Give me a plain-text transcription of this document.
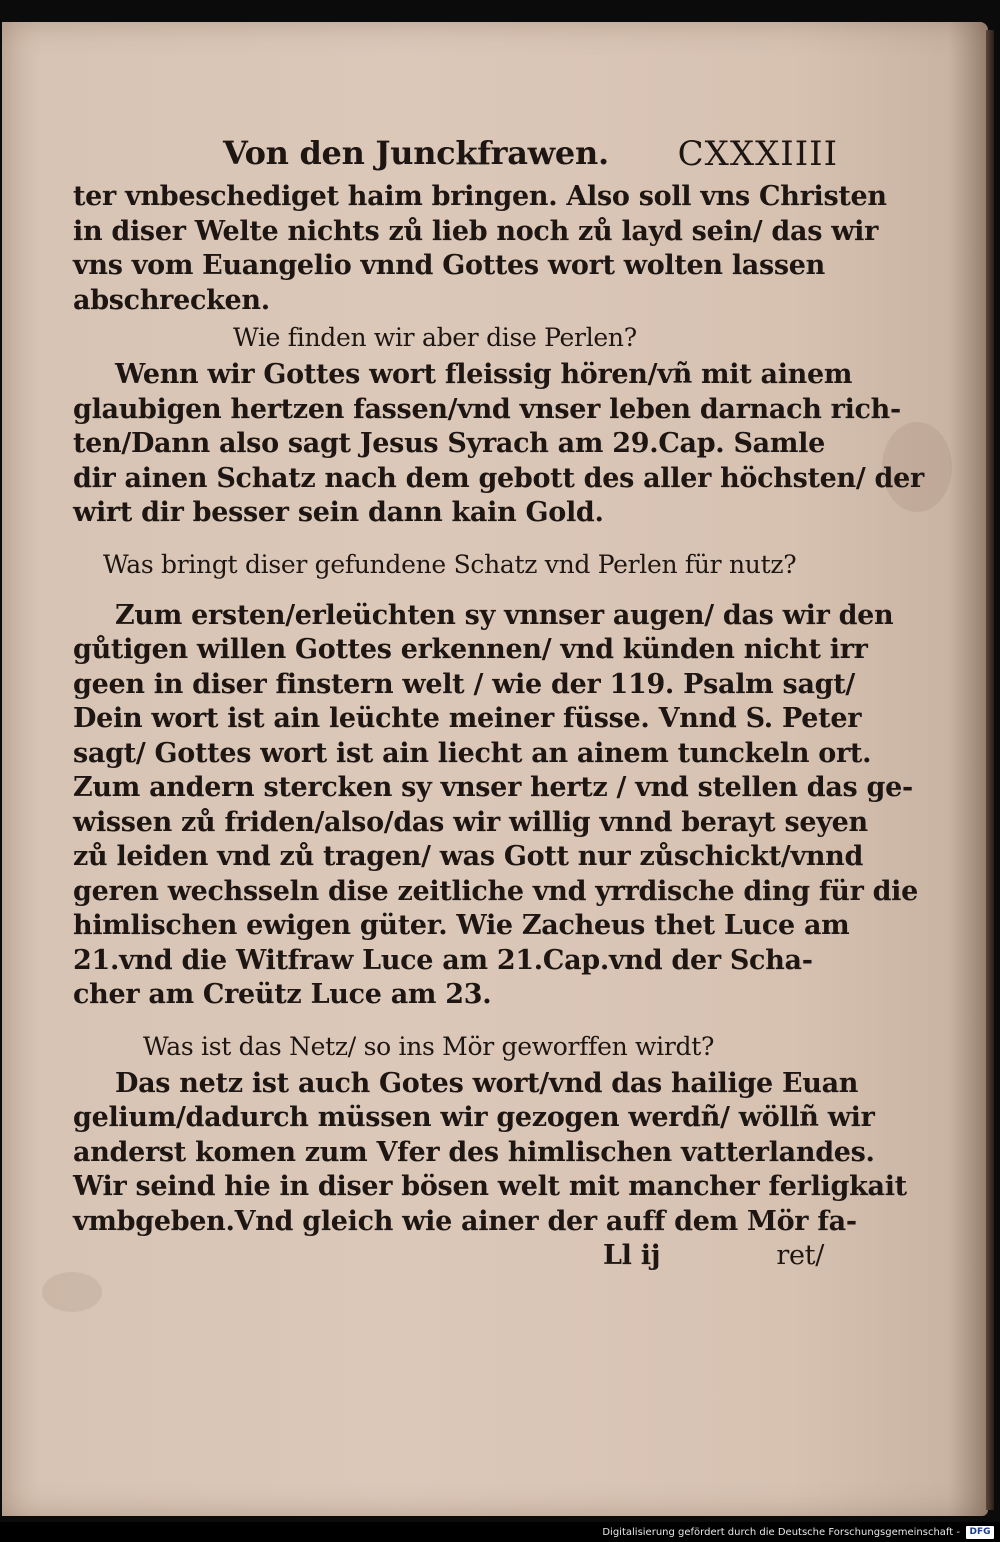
Von den Junckfrawen. CXXXIIII
ter vnbeschediget haim bringen. Also soll vns Christen
in diser Welte nichts zů lieb noch zů layd sein/ das wir
vns vom Euangelio vnnd Gottes wort wolten lassen
abschrecken.
Wie finden wir aber dise Perlen?
Wenn wir Gottes wort fleissig hören/vñ mit ainem
glaubigen hertzen fassen/vnd vnser leben darnach rich-
ten/Dann also sagt Jesus Syrach am 29.Cap. Samle
dir ainen Schatz nach dem gebott des aller höchsten/ der
wirt dir besser sein dann kain Gold.
Was bringt diser gefundene Schatz vnd Perlen für nutz?
Zum ersten/erleüchten sy vnnser augen/ das wir den
gůtigen willen Gottes erkennen/ vnd künden nicht irr
geen in diser finstern welt / wie der 119. Psalm sagt/
Dein wort ist ain leüchte meiner füsse. Vnnd S. Peter
sagt/ Gottes wort ist ain liecht an ainem tunckeln ort.
Zum andern stercken sy vnser hertz / vnd stellen das ge-
wissen zů friden/also/das wir willig vnnd berayt seyen
zů leiden vnd zů tragen/ was Gott nur zůschickt/vnnd
geren wechsseln dise zeitliche vnd yrrdische ding für die
himlischen ewigen güter. Wie Zacheus thet Luce am
21.vnd die Witfraw Luce am 21.Cap.vnd der Scha-
cher am Creütz Luce am 23.
Was ist das Netz/ so ins Mör geworffen wirdt?
Das netz ist auch Gotes wort/vnd das hailige Euan
gelium/dadurch müssen wir gezogen werdñ/ wöllñ wir
anderst komen zum Vfer des himlischen vatterlandes.
Wir seind hie in diser bösen welt mit mancher ferligkait
vmbgeben.Vnd gleich wie ainer der auff dem Mör fa-
Ll ij	ret/
Digitalisierung gefördert durch die Deutsche Forschungsgemeinschaft -	DFG
